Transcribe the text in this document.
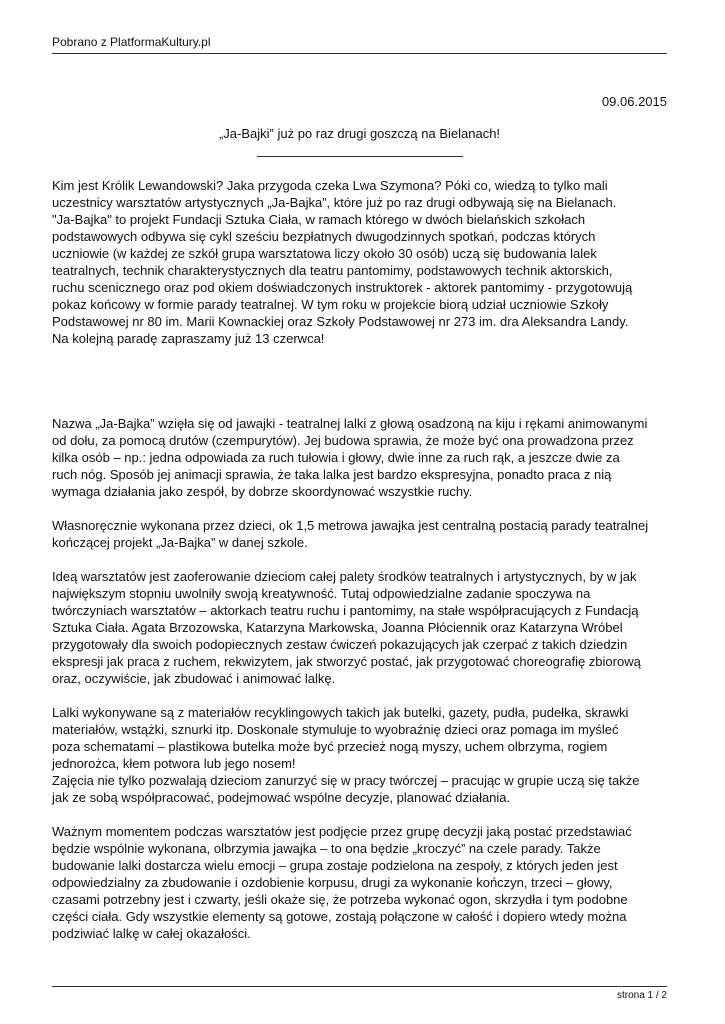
Pobrano z PlatformaKultury.pl
09.06.2015
„Ja-Bajki” już po raz drugi goszczą na Bielanach!

Kim jest Królik Lewandowski? Jaka przygoda czeka Lwa Szymona? Póki co, wiedzą to tylko mali
uczestnicy warsztatów artystycznych „Ja-Bajka”, które już po raz drugi odbywają się na Bielanach.
"Ja-Bajka" to projekt Fundacji Sztuka Ciała, w ramach którego w dwóch bielańskich szkołach
podstawowych odbywa się cykl sześciu bezpłatnych dwugodzinnych spotkań, podczas których
uczniowie (w każdej ze szkół grupa warsztatowa liczy około 30 osób) uczą się budowania lalek
teatralnych, technik charakterystycznych dla teatru pantomimy, podstawowych technik aktorskich,
ruchu scenicznego oraz pod okiem doświadczonych instruktorek - aktorek pantomimy - przygotowują
pokaz końcowy w formie parady teatralnej. W tym roku w projekcie biorą udział uczniowie Szkoły
Podstawowej nr 80 im. Marii Kownackiej oraz Szkoły Podstawowej nr 273 im. dra Aleksandra Landy.
Na kolejną paradę zapraszamy już 13 czerwca!

Nazwa „Ja-Bajka” wzięła się od jawajki - teatralnej lalki z głową osadzoną na kiju i rękami animowanymi
od dołu, za pomocą drutów (czempurytów). Jej budowa sprawia, że może być ona prowadzona przez
kilka osób – np.: jedna odpowiada za ruch tułowia i głowy, dwie inne za ruch rąk, a jeszcze dwie za
ruch nóg. Sposób jej animacji sprawia, że taka lalka jest bardzo ekspresyjna, ponadto praca z nią
wymaga działania jako zespół, by dobrze skoordynować wszystkie ruchy.

Własnoręcznie wykonana przez dzieci, ok 1,5 metrowa jawajka jest centralną postacią parady teatralnej
kończącej projekt „Ja-Bajka” w danej szkole.

Ideą warsztatów jest zaoferowanie dzieciom całej palety środków teatralnych i artystycznych, by w jak
największym stopniu uwolniły swoją kreatywność. Tutaj odpowiedzialne zadanie spoczywa na
twórczyniach warsztatów – aktorkach teatru ruchu i pantomimy, na stałe współpracujących z Fundacją
Sztuka Ciała. Agata Brzozowska, Katarzyna Markowska, Joanna Płóciennik oraz Katarzyna Wróbel
przygotowały dla swoich podopiecznych zestaw ćwiczeń pokazujących jak czerpać z takich dziedzin
ekspresji jak praca z ruchem, rekwizytem, jak stworzyć postać, jak przygotować choreografię zbiorową
oraz, oczywiście, jak zbudować i animować lalkę.

Lalki wykonywane są z materiałów recyklingowych takich jak butelki, gazety, pudła, pudełka, skrawki
materiałów, wstążki, sznurki itp. Doskonale stymuluje to wyobraźnię dzieci oraz pomaga im myśleć
poza schematami – plastikowa butelka może być przecież nogą myszy, uchem olbrzyma, rogiem
jednorożca, kłem potwora lub jego nosem!
Zajęcia nie tylko pozwalają dzieciom zanurzyć się w pracy twórczej – pracując w grupie uczą się także
jak ze sobą współpracować, podejmować wspólne decyzje, planować działania.

Ważnym momentem podczas warsztatów jest podjęcie przez grupę decyzji jaką postać przedstawiać
będzie wspólnie wykonana, olbrzymia jawajka – to ona będzie „kroczyć” na czele parady. Także
budowanie lalki dostarcza wielu emocji – grupa zostaje podzielona na zespoły, z których jeden jest
odpowiedzialny za zbudowanie i ozdobienie korpusu, drugi za wykonanie kończyn, trzeci – głowy,
czasami potrzebny jest i czwarty, jeśli okaże się, że potrzeba wykonać ogon, skrzydła i tym podobne
części ciała. Gdy wszystkie elementy są gotowe, zostają połączone w całość i dopiero wtedy można
podziwiać lalkę w całej okazałości.

strona 1 / 2
